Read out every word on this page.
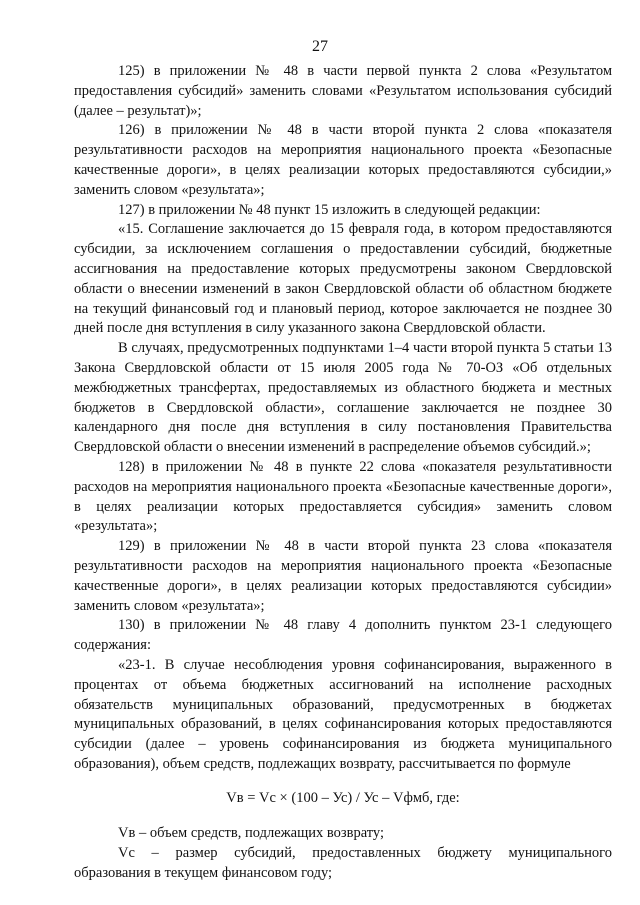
27

125) в приложении № 48 в части первой пункта 2 слова «Результатом предоставления субсидий» заменить словами «Результатом использования субсидий (далее – результат)»;

126) в приложении № 48 в части второй пункта 2 слова «показателя результативности расходов на мероприятия национального проекта «Безопасные качественные дороги», в целях реализации которых предоставляются субсидии,» заменить словом «результата»;

127) в приложении № 48 пункт 15 изложить в следующей редакции:

«15. Соглашение заключается до 15 февраля года, в котором предоставляются субсидии, за исключением соглашения о предоставлении субсидий, бюджетные ассигнования на предоставление которых предусмотрены законом Свердловской области о внесении изменений в закон Свердловской области об областном бюджете на текущий финансовый год и плановый период, которое заключается не позднее 30 дней после дня вступления в силу указанного закона Свердловской области.

В случаях, предусмотренных подпунктами 1–4 части второй пункта 5 статьи 13 Закона Свердловской области от 15 июля 2005 года № 70-ОЗ «Об отдельных межбюджетных трансфертах, предоставляемых из областного бюджета и местных бюджетов в Свердловской области», соглашение заключается не позднее 30 календарного дня после дня вступления в силу постановления Правительства Свердловской области о внесении изменений в распределение объемов субсидий.»;

128) в приложении № 48 в пункте 22 слова «показателя результативности расходов на мероприятия национального проекта «Безопасные качественные дороги», в целях реализации которых предоставляется субсидия» заменить словом «результата»;

129) в приложении № 48 в части второй пункта 23 слова «показателя результативности расходов на мероприятия национального проекта «Безопасные качественные дороги», в целях реализации которых предоставляются субсидии» заменить словом «результата»;

130) в приложении № 48 главу 4 дополнить пунктом 23-1 следующего содержания:

«23-1. В случае несоблюдения уровня софинансирования, выраженного в процентах от объема бюджетных ассигнований на исполнение расходных обязательств муниципальных образований, предусмотренных в бюджетах муниципальных образований, в целях софинансирования которых предоставляются субсидии (далее – уровень софинансирования из бюджета муниципального образования), объем средств, подлежащих возврату, рассчитывается по формуле

Vв = Vс × (100 – Ус) / Ус – Vфмб, где:

Vв – объем средств, подлежащих возврату;

Vс – размер субсидий, предоставленных бюджету муниципального образования в текущем финансовом году;
